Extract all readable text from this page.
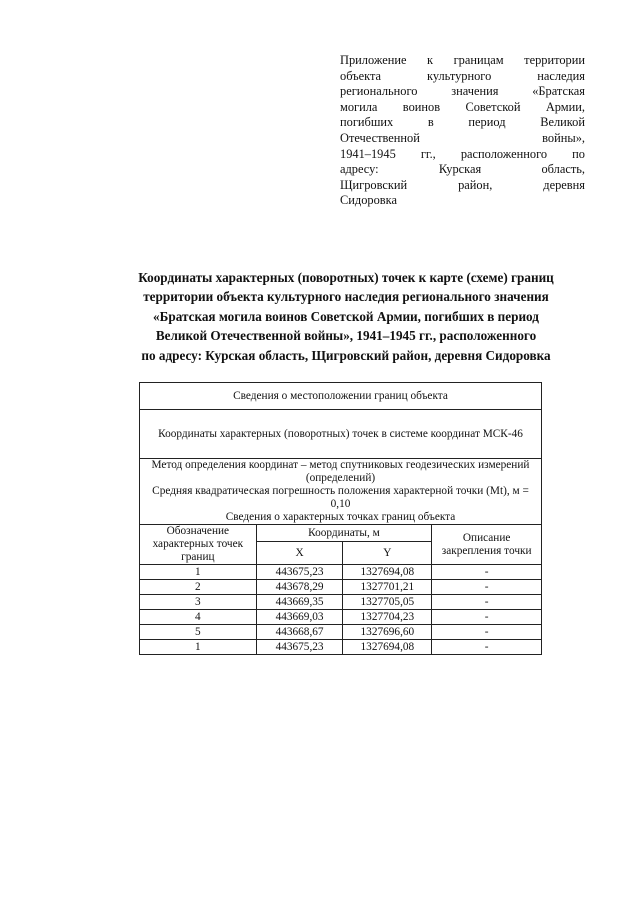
Приложение к границам территории
объекта культурного наследия
регионального значения «Братская
могила воинов Советской Армии,
погибших в период Великой
Отечественной войны»,
1941–1945 гг., расположенного по
адресу: Курская область,
Щигровский район, деревня
Сидоровка
Координаты характерных (поворотных) точек к карте (схеме) границ
территории объекта культурного наследия регионального значения
«Братская могила воинов Советской Армии, погибших в период
Великой Отечественной войны», 1941–1945 гг., расположенного
по адресу: Курская область, Щигровский район, деревня Сидоровка
Сведения о местоположении границ объекта			
Координаты характерных (поворотных) точек в системе координат МСК-46			

Метод определения координат – метод спутниковых геодезических измерений (определений)
Средняя квадратическая погрешность положения характерной точки (Mt), м = 0,10
Сведения о характерных точках границ объекта			

Обозначение характерных точек границ	Координаты, м		Описание закрепления точки
	X	Y	
1	443675,23	1327694,08	-
2	443678,29	1327701,21	-
3	443669,35	1327705,05	-
4	443669,03	1327704,23	-
5	443668,67	1327696,60	-
1	443675,23	1327694,08	-
